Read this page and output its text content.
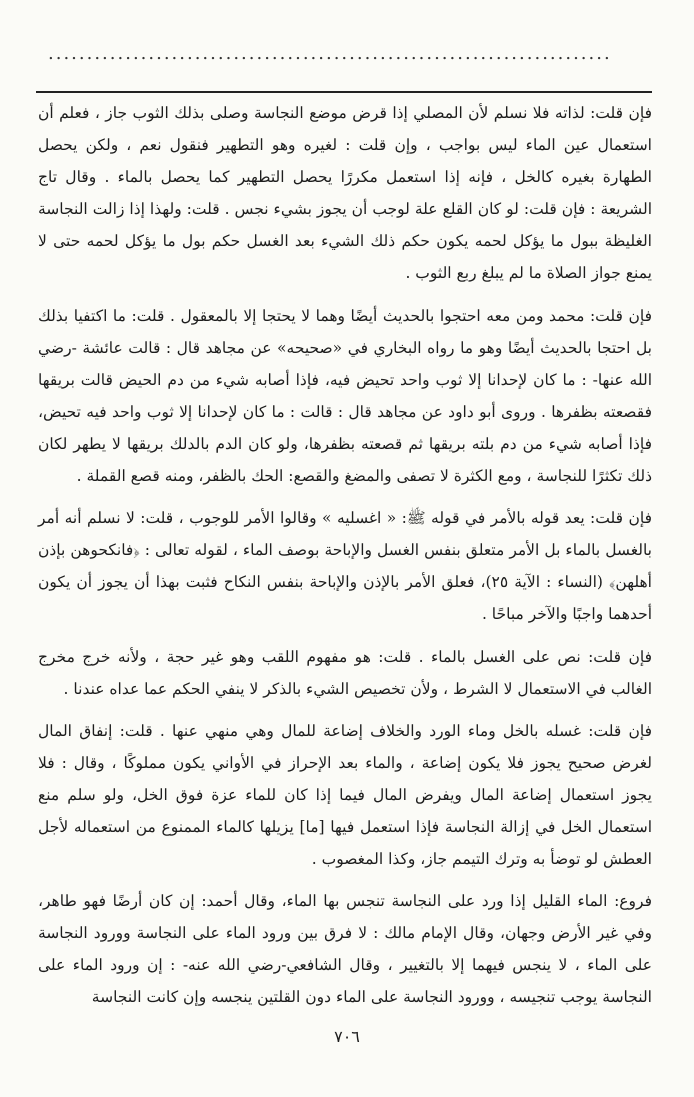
.........................................................................

فإن قلت: لذاته فلا نسلم لأن المصلي إذا قرض موضع النجاسة وصلى بذلك الثوب جاز ، فعلم أن استعمال عين الماء ليس بواجب ، وإن قلت : لغيره وهو التطهير فنقول نعم ، ولكن يحصل الطهارة بغيره كالخل ، فإنه إذا استعمل مكررًا يحصل التطهير كما يحصل بالماء . وقال تاج الشريعة : فإن قلت: لو كان القلع علة لوجب أن يجوز بشيء نجس . قلت: ولهذا إذا زالت النجاسة الغليظة ببول ما يؤكل لحمه يكون حكم ذلك الشيء بعد الغسل حكم بول ما يؤكل لحمه حتى لا يمنع جواز الصلاة ما لم يبلغ ربع الثوب .

فإن قلت: محمد ومن معه احتجوا بالحديث أيضًا وهما لا يحتجا إلا بالمعقول . قلت: ما اكتفيا بذلك بل احتجا بالحديث أيضًا وهو ما رواه البخاري في «صحيحه» عن مجاهد قال : قالت عائشة -رضي الله عنها- : ما كان لإحدانا إلا ثوب واحد تحيض فيه، فإذا أصابه شيء من دم الحيض قالت بريقها فقصعته بظفرها . وروى أبو داود عن مجاهد قال : قالت : ما كان لإحدانا إلا ثوب واحد فيه تحيض، فإذا أصابه شيء من دم بلته بريقها ثم قصعته بظفرها، ولو كان الدم بالدلك بريقها لا يطهر لكان ذلك تكثرًا للنجاسة ، ومع الكثرة لا تصفى والمضغ والقصع: الحك بالظفر، ومنه قصع القملة .

فإن قلت: يعد قوله بالأمر في قوله ﷺ: « اغسليه » وقالوا الأمر للوجوب ، قلت: لا نسلم أنه أمر بالغسل بالماء بل الأمر متعلق بنفس الغسل والإباحة بوصف الماء ، لقوله تعالى : ﴿فانكحوهن بإذن أهلهن﴾ (النساء : الآية ٢٥)، فعلق الأمر بالإذن والإباحة بنفس النكاح فثبت بهذا أن يجوز أن يكون أحدهما واجبًا والآخر مباحًا .

فإن قلت: نص على الغسل بالماء . قلت: هو مفهوم اللقب وهو غير حجة ، ولأنه خرج مخرج الغالب في الاستعمال لا الشرط ، ولأن تخصيص الشيء بالذكر لا ينفي الحكم عما عداه عندنا .

فإن قلت: غسله بالخل وماء الورد والخلاف إضاعة للمال وهي منهي عنها . قلت: إنفاق المال لغرض صحيح يجوز فلا يكون إضاعة ، والماء بعد الإحراز في الأواني يكون مملوكًا ، وقال : فلا يجوز استعمال إضاعة المال ويفرض المال فيما إذا كان للماء عزة فوق الخل، ولو سلم منع استعمال الخل في إزالة النجاسة فإذا استعمل فيها [ما] يزيلها كالماء الممنوع من استعماله لأجل العطش لو توضأ به وترك التيمم جاز، وكذا المغصوب .

فروع: الماء القليل إذا ورد على النجاسة تنجس بها الماء، وقال أحمد: إن كان أرضًا فهو طاهر، وفي غير الأرض وجهان، وقال الإمام مالك : لا فرق بين ورود الماء على النجاسة وورود النجاسة على الماء ، لا ينجس فيهما إلا بالتغيير ، وقال الشافعي-رضي الله عنه- : إن ورود الماء على النجاسة يوجب تنجيسه ، وورود النجاسة على الماء دون القلتين ينجسه وإن كانت النجاسة

٧٠٦
